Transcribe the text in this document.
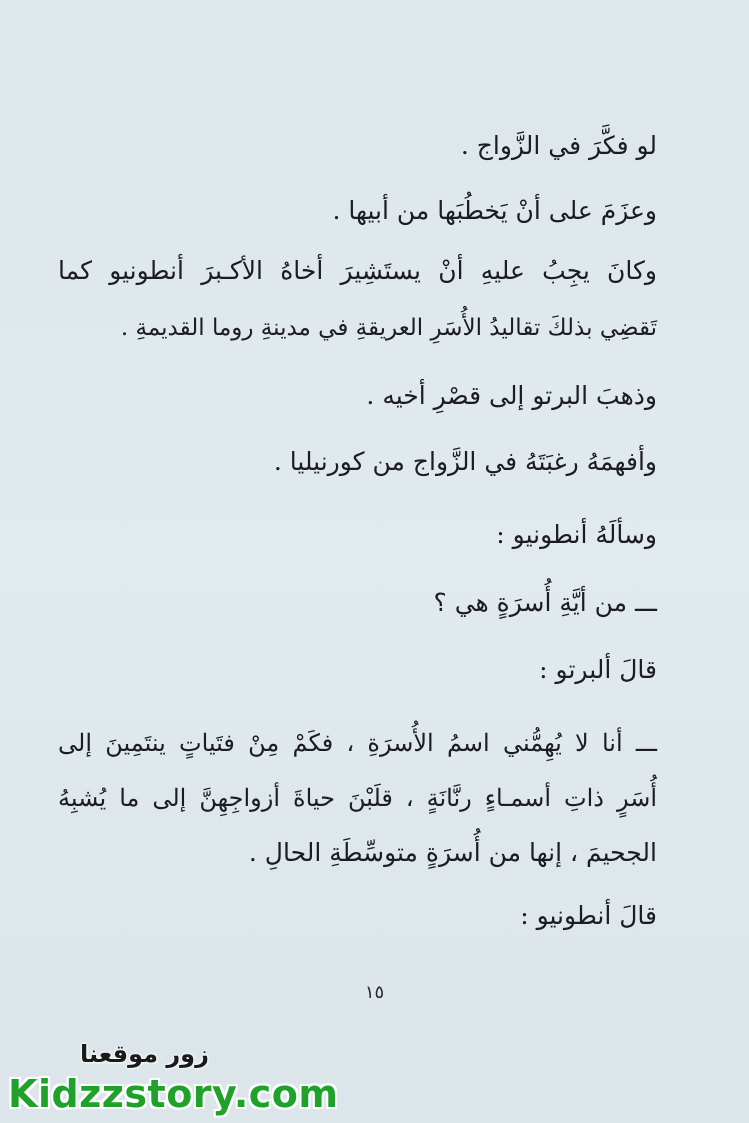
لو فكَّرَ في الزَّواج .
وعزَمَ على أنْ يَخطُبَها من أبيها .
وكانَ يجِبُ عليهِ أنْ يستَشِيرَ أخاهُ الأكـبرَ أنطونيو كما
تَقضِي بذلكَ تقاليدُ الأُسَرِ العريقةِ في مدينةِ روما القديمةِ .
وذهبَ البرتو إلى قصْرِ أخيه .
وأفهمَهُ رغبَتَهُ في الزَّواج من كورنيليا .
وسألَهُ أنطونيو :
ـــ من أيَّةِ أُسرَةٍ هي ؟
قالَ ألبرتو :
ـــ أنا لا يُهِمُّني اسمُ الأُسرَةِ ، فكَمْ مِنْ فتَياتٍ ينتَمِينَ إلى
أُسَرٍ ذاتِ أسمـاءٍ رنَّانَةٍ ، قلَبْنَ حياةَ أزواجِهِنَّ إلى ما يُشبِهُ
الجحيمَ ، إنها من أُسرَةٍ متوسِّطَةِ الحالِ .
قالَ أنطونيو :
١٥
زور موقعنا
Kidzzstory.com
